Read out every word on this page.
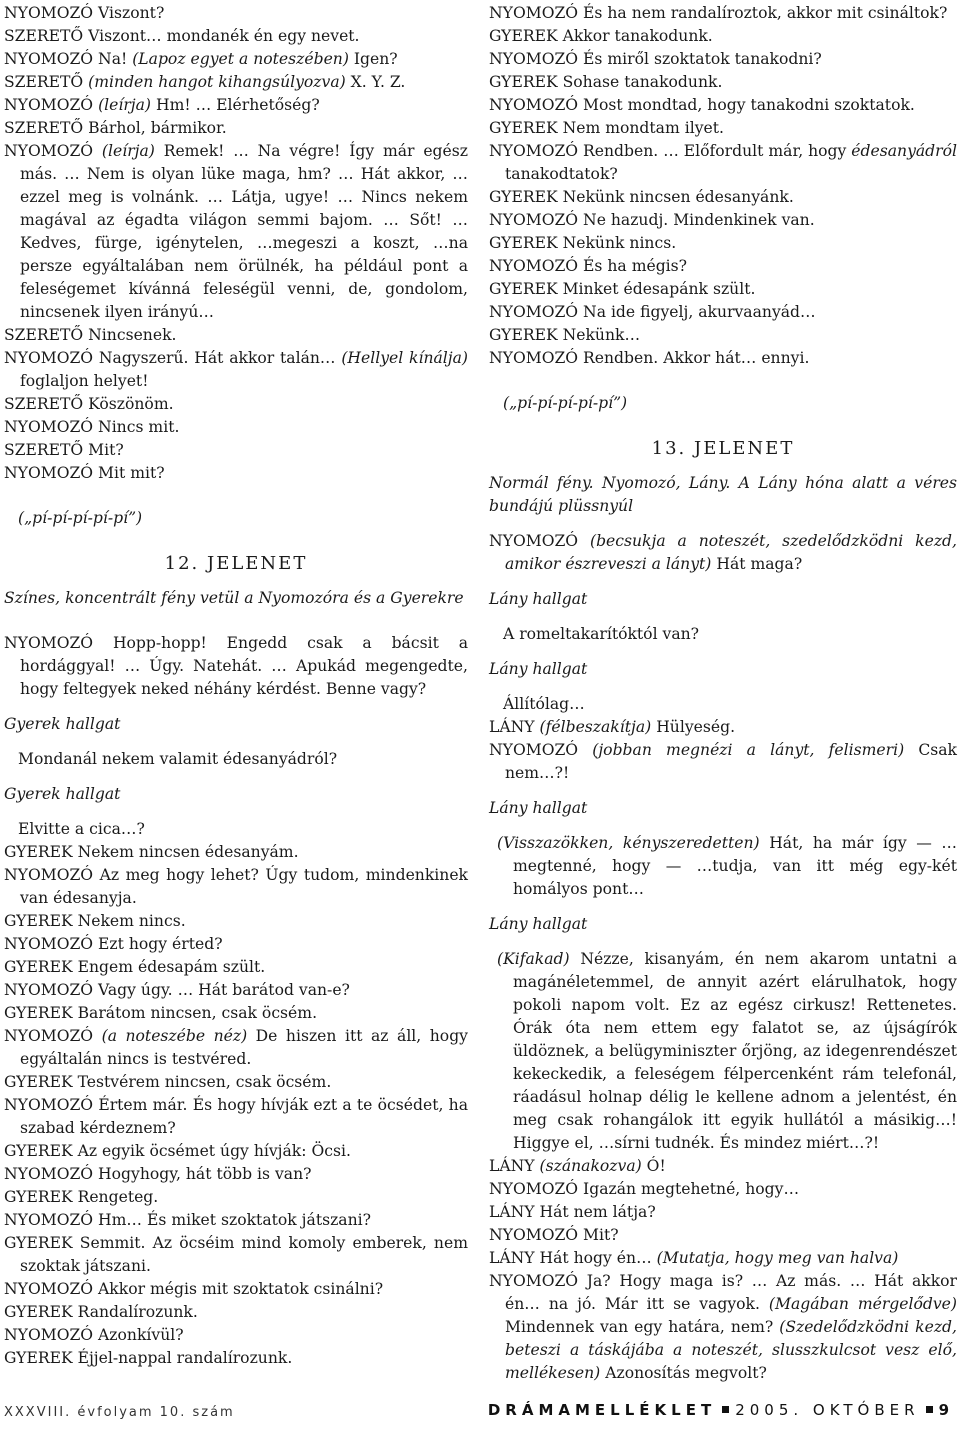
NYOMOZÓ Viszont?

SZERETŐ Viszont… mondanék én egy nevet.

NYOMOZÓ Na! (Lapoz egyet a noteszében) Igen?

SZERETŐ (minden hangot kihangsúlyozva) X. Y. Z.

NYOMOZÓ (leírja) Hm! … Elérhetőség?

SZERETŐ Bárhol, bármikor.

NYOMOZÓ (leírja) Remek! … Na végre! Így már egész más. … Nem is olyan lüke maga, hm? … Hát akkor, …ezzel meg is volnánk. … Látja, ugye! … Nincs nekem magával az égadta világon semmi bajom. … Sőt! … Kedves, fürge, igénytelen, …megeszi a koszt, …na persze egyáltalában nem örülnék, ha például pont a feleségemet kívánná feleségül venni, de, gondolom, nincsenek ilyen irányú…

SZERETŐ Nincsenek.

NYOMOZÓ Nagyszerű. Hát akkor talán… (Hellyel kínálja) foglaljon helyet!

SZERETŐ Köszönöm.

NYOMOZÓ Nincs mit.

SZERETŐ Mit?

NYOMOZÓ Mit mit?

(„pí-pí-pí-pí-pí”)

12. JELENET

Színes, koncentrált fény vetül a Nyomozóra és a Gyerekre

NYOMOZÓ Hopp-hopp! Engedd csak a bácsit a hordággyal! … Úgy. Natehát. … Apukád megengedte, hogy feltegyek neked néhány kérdést. Benne vagy?

Gyerek hallgat

Mondanál nekem valamit édesanyádról?

Gyerek hallgat

Elvitte a cica…?

GYEREK Nekem nincsen édesanyám.

NYOMOZÓ Az meg hogy lehet? Úgy tudom, mindenkinek van édesanyja.

GYEREK Nekem nincs.

NYOMOZÓ Ezt hogy érted?

GYEREK Engem édesapám szült.

NYOMOZÓ Vagy úgy. … Hát barátod van-e?

GYEREK Barátom nincsen, csak öcsém.

NYOMOZÓ (a noteszébe néz) De hiszen itt az áll, hogy egyáltalán nincs is testvéred.

GYEREK Testvérem nincsen, csak öcsém.

NYOMOZÓ Értem már. És hogy hívják ezt a te öcsédet, ha szabad kérdeznem?

GYEREK Az egyik öcsémet úgy hívják: Öcsi.

NYOMOZÓ Hogyhogy, hát több is van?

GYEREK Rengeteg.

NYOMOZÓ Hm… És miket szoktatok játszani?

GYEREK Semmit. Az öcséim mind komoly emberek, nem szoktak játszani.

NYOMOZÓ Akkor mégis mit szoktatok csinálni?

GYEREK Randalírozunk.

NYOMOZÓ Azonkívül?

GYEREK Éjjel-nappal randalírozunk.

NYOMOZÓ És ha nem randalíroztok, akkor mit csináltok?

GYEREK Akkor tanakodunk.

NYOMOZÓ És miről szoktatok tanakodni?

GYEREK Sohase tanakodunk.

NYOMOZÓ Most mondtad, hogy tanakodni szoktatok.

GYEREK Nem mondtam ilyet.

NYOMOZÓ Rendben. … Előfordult már, hogy édesanyádról tanakodtatok?

GYEREK Nekünk nincsen édesanyánk.

NYOMOZÓ Ne hazudj. Mindenkinek van.

GYEREK Nekünk nincs.

NYOMOZÓ És ha mégis?

GYEREK Minket édesapánk szült.

NYOMOZÓ Na ide figyelj, akurvaanyád…

GYEREK Nekünk…

NYOMOZÓ Rendben. Akkor hát… ennyi.

(„pí-pí-pí-pí-pí”)

13. JELENET

Normál fény. Nyomozó, Lány. A Lány hóna alatt a véres bundájú plüssnyúl

NYOMOZÓ (becsukja a noteszét, szedelődzködni kezd, amikor észreveszi a lányt) Hát maga?

Lány hallgat

A romeltakarítóktól van?

Lány hallgat

Állítólag…

LÁNY (félbeszakítja) Hülyeség.

NYOMOZÓ (jobban megnézi a lányt, felismeri) Csak nem…?!

Lány hallgat

(Visszazökken, kényszeredetten) Hát, ha már így — …megtenné, hogy — …tudja, van itt még egy-két homályos pont…

Lány hallgat

(Kifakad) Nézze, kisanyám, én nem akarom untatni a magánéletemmel, de annyit azért elárulhatok, hogy pokoli napom volt. Ez az egész cirkusz! Rettenetes. Órák óta nem ettem egy falatot se, az újságírók üldöznek, a belügyminiszter őrjöng, az idegenrendészet kekeckedik, a feleségem félpercenként rám telefonál, ráadásul holnap délig le kellene adnom a jelentést, én meg csak rohangálok itt egyik hullától a másikig…! Higgye el, …sírni tudnék. És mindez miért…?!

LÁNY (szánakozva) Ó!

NYOMOZÓ Igazán megtehetné, hogy…

LÁNY Hát nem látja?

NYOMOZÓ Mit?

LÁNY Hát hogy én… (Mutatja, hogy meg van halva)

NYOMOZÓ Ja? Hogy maga is? … Az más. … Hát akkor én… na jó. Már itt se vagyok. (Magában mérgelődve) Mindennek van egy határa, nem? (Szedelődzködni kezd, beteszi a táskájába a noteszét, slusszkulcsot vesz elő, mellékesen) Azonosítás megvolt?

XXXVIII. évfolyam 10. szám	DRÁMAMELLÉKLET 2005. OKTÓBER 9
